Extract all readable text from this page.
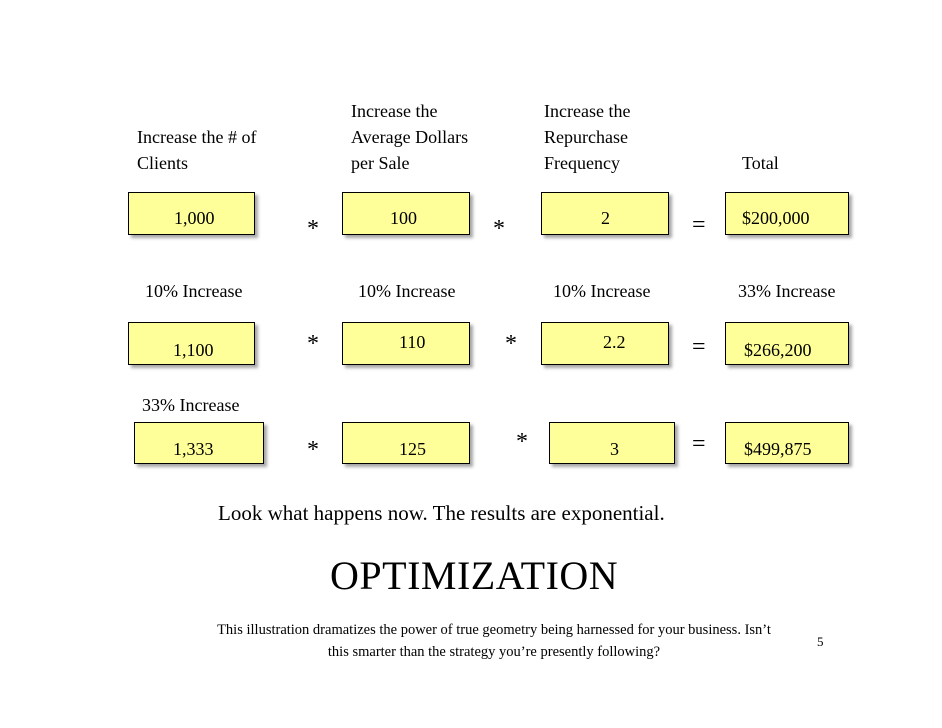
Increase the # of
Clients
Increase the
Average Dollars
per Sale
Increase the
Repurchase
Frequency	Total
1,000	*	100	*	2	= $200,000
10% Increase	10% Increase	10% Increase	33% Increase
1,100	*	110	*	2.2	= $266,200
33% Increase
1,333	*	125	*	3	= $499,875
Look what happens now. The results are exponential.
OPTIMIZATION
This illustration dramatizes the power of true geometry being harnessed for your business. Isn’t this smarter than the strategy you’re presently following?
5
